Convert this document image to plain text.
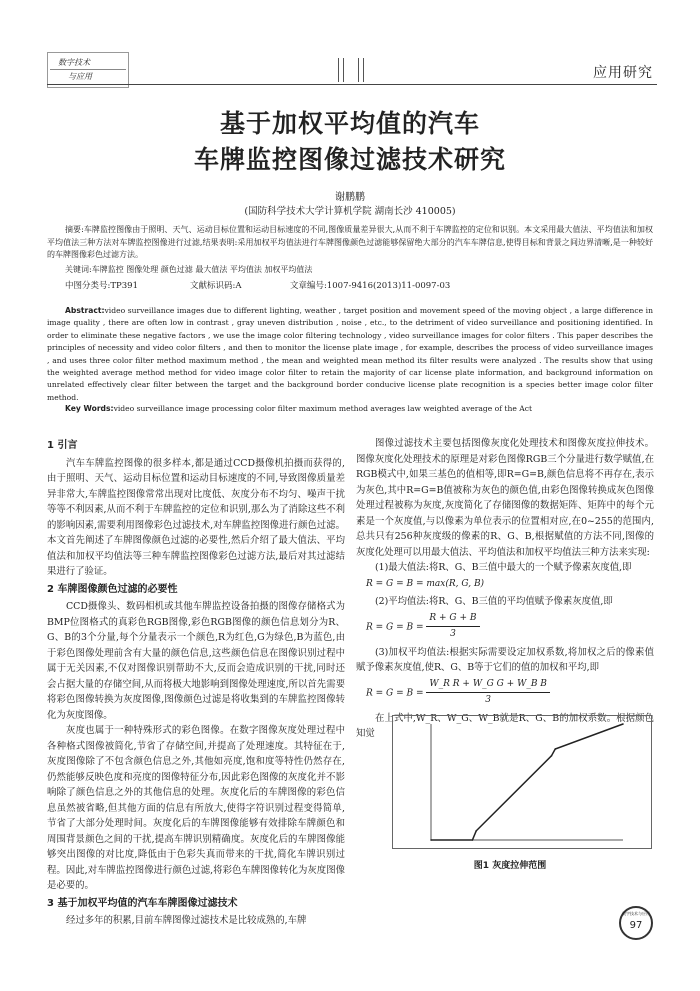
数字技术
与应用	应用研究
基于加权平均值的汽车
车牌监控图像过滤技术研究
谢鹏鹏
(国防科学技术大学计算机学院 湖南长沙 410005)
摘要:车牌监控图像由于照明、天气、运动目标位置和运动目标速度的不同,图像质量差异很大,从而不利于车牌监控的定位和识别。本文采用最大值法、平均值法和加权平均值法三种方法对车牌监控图像进行过滤,结果表明:采用加权平均值法进行车牌图像颜色过滤能够保留绝大部分的汽车车牌信息,使得目标和背景之间边界清晰,是一种较好的车牌图像彩色过滤方法。
关键词:车牌监控 图像处理 颜色过滤 最大值法 平均值法 加权平均值法
中图分类号:TP391	文献标识码:A	文章编号:1007-9416(2013)11-0097-03
Abstract:video surveillance images due to different lighting, weather , target position and movement speed of the moving object , a large difference in image quality , there are often low in contrast , gray uneven distribution , noise , etc., to the detriment of video surveillance and positioning identified. In order to eliminate these negative factors , we use the image color filtering technology , video surveillance images for color filters . This paper describes the principles of necessity and video color filters , and then to monitor the license plate image , for example, describes the process of video surveillance images , and uses three color filter method maximum method , the mean and weighted mean method its filter results were analyzed . The results show that using the weighted average method method for video image color filter to retain the majority of car license plate information, and background information on unrelated effectively clear filter between the target and the background border conducive license plate recognition is a species better image color filter method.
Key Words:video surveillance image processing color filter maximum method averages law weighted average of the Act
1 引言

汽车车牌监控图像的很多样本,都是通过CCD摄像机拍摄而获得的,由于照明、天气、运动目标位置和运动目标速度的不同,导致图像质量差异非常大,车牌监控图像常常出现对比度低、灰度分布不均匀、噪声干扰等等不利因素,从而不利于车牌监控的定位和识别,那么为了消除这些不利的影响因素,需要利用图像彩色过滤技术,对车牌监控图像进行颜色过滤。本文首先阐述了车牌图像颜色过滤的必要性,然后介绍了最大值法、平均值法和加权平均值法等三种车牌监控图像彩色过滤方法,最后对其过滤结果进行了验证。

2 车牌图像颜色过滤的必要性

CCD摄像头、数码相机或其他车牌监控设备拍摄的图像存储格式为BMP位图格式的真彩色RGB图像,彩色RGB图像的颜色信息划分为R、G、B的3个分量,每个分量表示一个颜色,R为红色,G为绿色,B为蓝色,由于彩色图像处理前含有大量的颜色信息,这些颜色信息在图像识别过程中属于无关因素,不仅对图像识别帮助不大,反而会造成识别的干扰,同时还会占据大量的存储空间,从而将极大地影响到图像处理速度,所以首先需要将彩色图像转换为灰度图像,图像颜色过滤是将收集到的车牌监控图像转化为灰度图像。

灰度也属于一种特殊形式的彩色图像。在数字图像灰度处理过程中各种格式图像被简化,节省了存储空间,并提高了处理速度。其特征在于,灰度图像除了不包含颜色信息之外,其他如亮度,饱和度等特性仍然存在,仍然能够反映色度和亮度的图像特征分布,因此彩色图像的灰度化并不影响除了颜色信息之外的其他信息的处理。灰度化后的车牌图像的彩色信息虽然被省略,但其他方面的信息有所放大,使得字符识别过程变得简单,节省了大部分处理时间。灰度化后的车牌图像能够有效排除车牌颜色和周围背景颜色之间的干扰,提高车牌识别精确度。灰度化后的车牌图像能够突出图像的对比度,降低由于色彩失真而带来的干扰,简化车牌识别过程。因此,对车牌监控图像进行颜色过滤,将彩色车牌图像转化为灰度图像是必要的。

3 基于加权平均值的汽车车牌图像过滤技术

经过多年的积累,目前车牌图像过滤技术是比较成熟的,车牌

图像过滤技术主要包括图像灰度化处理技术和图像灰度拉伸技术。图像灰度化处理技术的原理是对彩色图像RGB三个分量进行数学赋值,在RGB模式中,如果三基色的值相等,即R=G=B,颜色信息将不再存在,表示为灰色,其中R=G=B值被称为灰色的颜色值,由彩色图像转换成灰色图像处理过程被称为灰度,灰度简化了存储图像的数据矩阵、矩阵中的每个元素是一个灰度值,与以像素为单位表示的位置相对应,在0~255的范围内,总共只有256种灰度级的像素的R、G、B,根据赋值的方法不同,图像的灰度化处理可以用最大值法、平均值法和加权平均值法三种方法来实现:

(1)最大值法:将R、G、B三值中最大的一个赋予像素灰度值,即

R = G = B = max(R, G, B)

(2)平均值法:将R、G、B三值的平均值赋予像素灰度值,即

$R = G = B = \frac{R + G + B}{3}$

(3)加权平均值法:根据实际需要设定加权系数,将加权之后的像素值赋予像素灰度值,使R、G、B等于它们的值的加权和平均,即

$R = G = B = \frac{\text{W\_R R + W\_G G + W\_B B}}{3}$

在上式中,W_R、W_G、W_B就是R、G、B的加权系数。根据颜色知觉

图1 灰度拉伸范围
数字技术与应用
97
